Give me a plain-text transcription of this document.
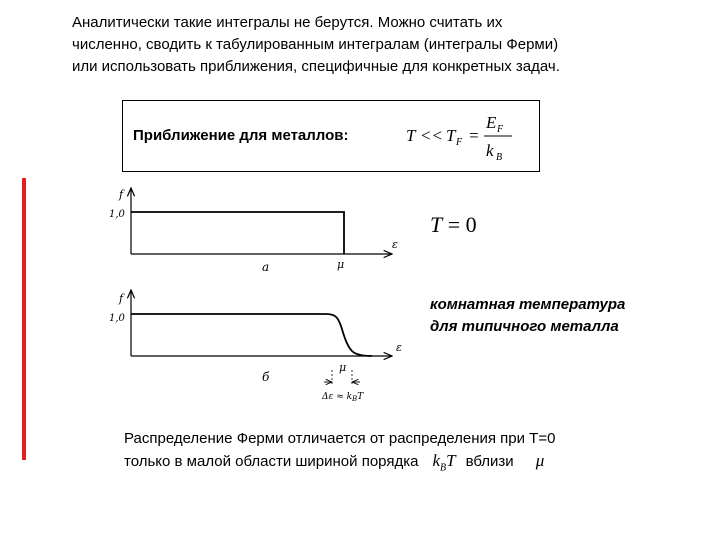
Аналитически такие интегралы не берутся. Можно считать их
численно, сводить к табулированным интегралам (интегралы Ферми)
или использовать приближения, специфичные для конкретных задач.
Приближение для металлов:	T << T F =
E F
k B
f
1,0
ε
μ
а
f
1,0
ε
μ
б
$\Delta\varepsilon \approx k_BT$
T = 0
комнатная температура
для типичного металла
Распределение Ферми отличается от распределения при T=0
только в малой области шириной порядка $k_BT$ вблизи μ
